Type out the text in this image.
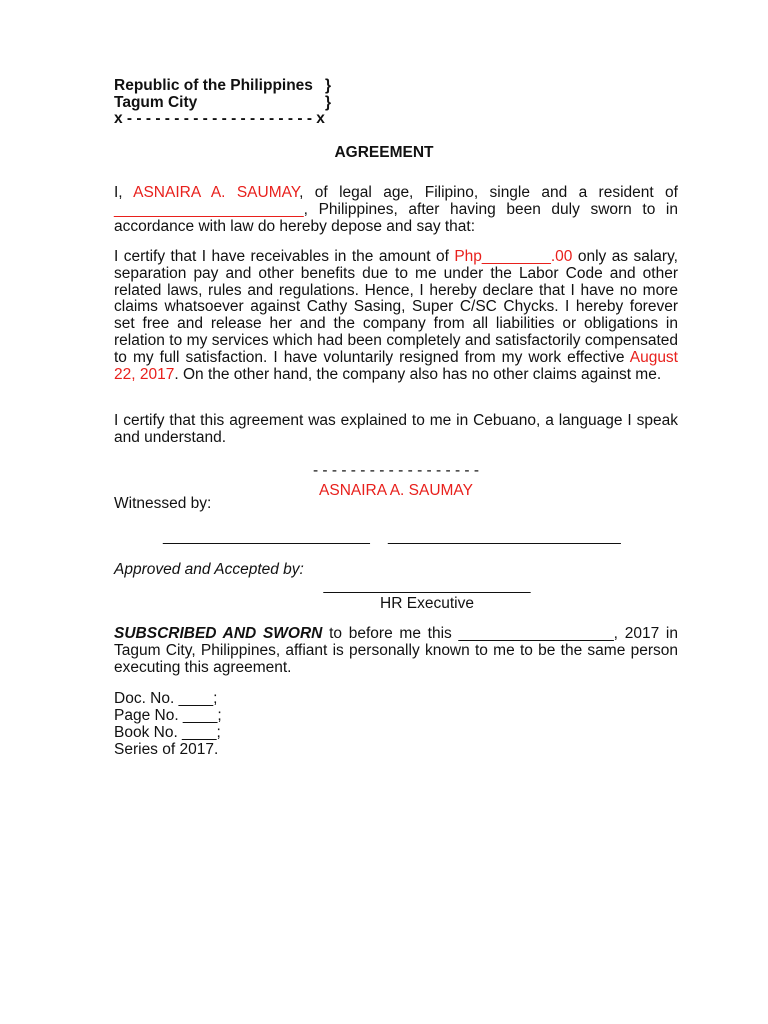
Republic of the Philippines }
Tagum City	}
x - - - - - - - - - - - - - - - - - - - - x
AGREEMENT

I, ASNAIRA A. SAUMAY, of legal age, Filipino, single and a resident of ______________________, Philippines, after having been duly sworn to in accordance with law do hereby depose and say that:

I certify that I have receivables in the amount of Php________.00 only as salary, separation pay and other benefits due to me under the Labor Code and other related laws, rules and regulations. Hence, I hereby declare that I have no more claims whatsoever against Cathy Sasing, Super C/SC Chycks. I hereby forever set free and release her and the company from all liabilities or obligations in relation to my services which had been completely and satisfactorily compensated to my full satisfaction. I have voluntarily resigned from my work effective August 22, 2017. On the other hand, the company also has no other claims against me.

I certify that this agreement was explained to me in Cebuano, a language I speak and understand.

- - - - - - - - - - - - - - - - - -
ASNAIRA A. SAUMAY
Witnessed by:
________________________ ___________________________
Approved and Accepted by:
________________________
HR Executive

SUBSCRIBED AND SWORN to before me this __________________, 2017 in Tagum City, Philippines, affiant is personally known to me to be the same person executing this agreement.

Doc. No. ____;
Page No. ____;
Book No. ____;
Series of 2017.
